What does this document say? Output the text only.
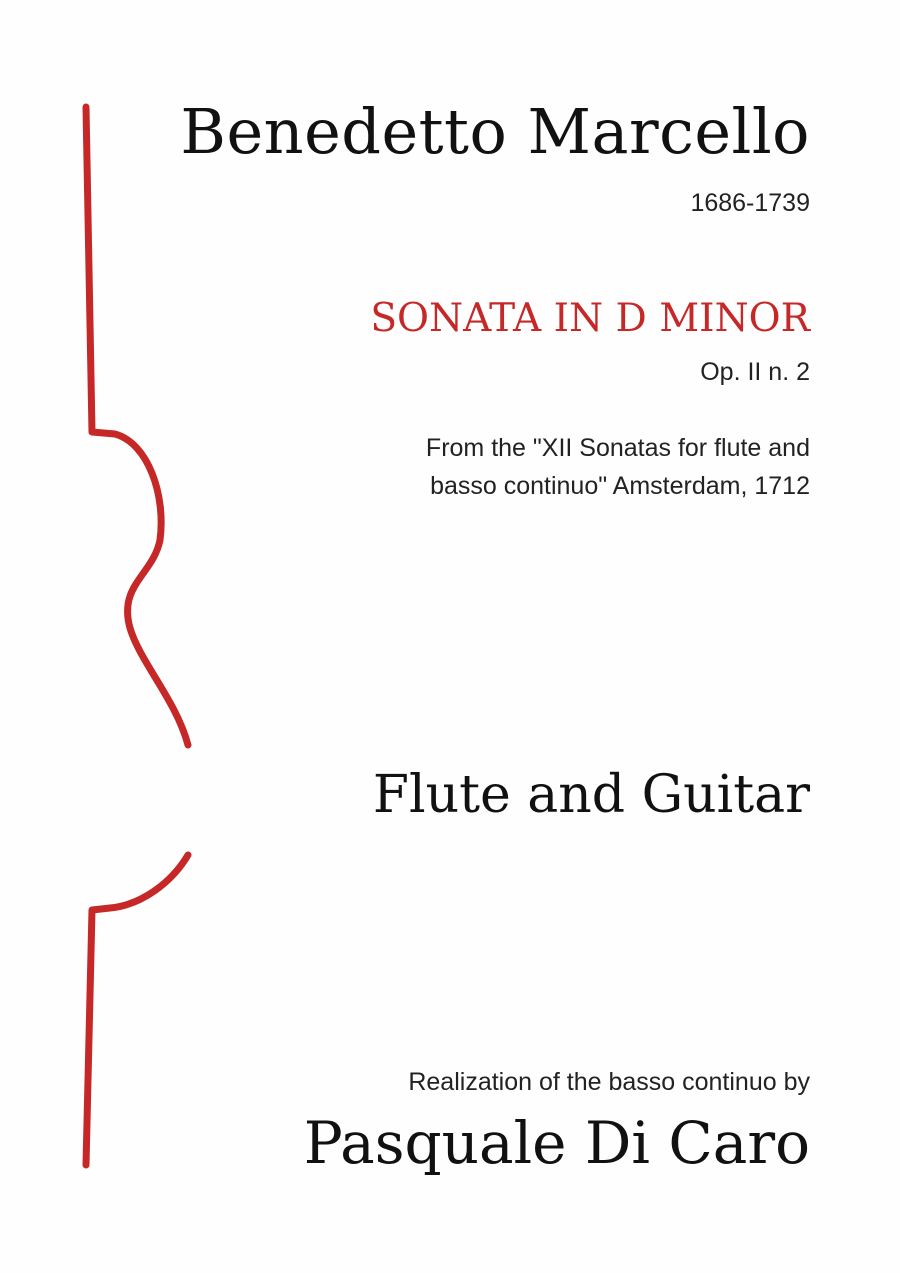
Benedetto Marcello
1686-1739
SONATA IN D MINOR
Op. II n. 2
From the "XII Sonatas for flute and
basso continuo" Amsterdam, 1712
Flute and Guitar
Realization of the basso continuo by
Pasquale Di Caro
